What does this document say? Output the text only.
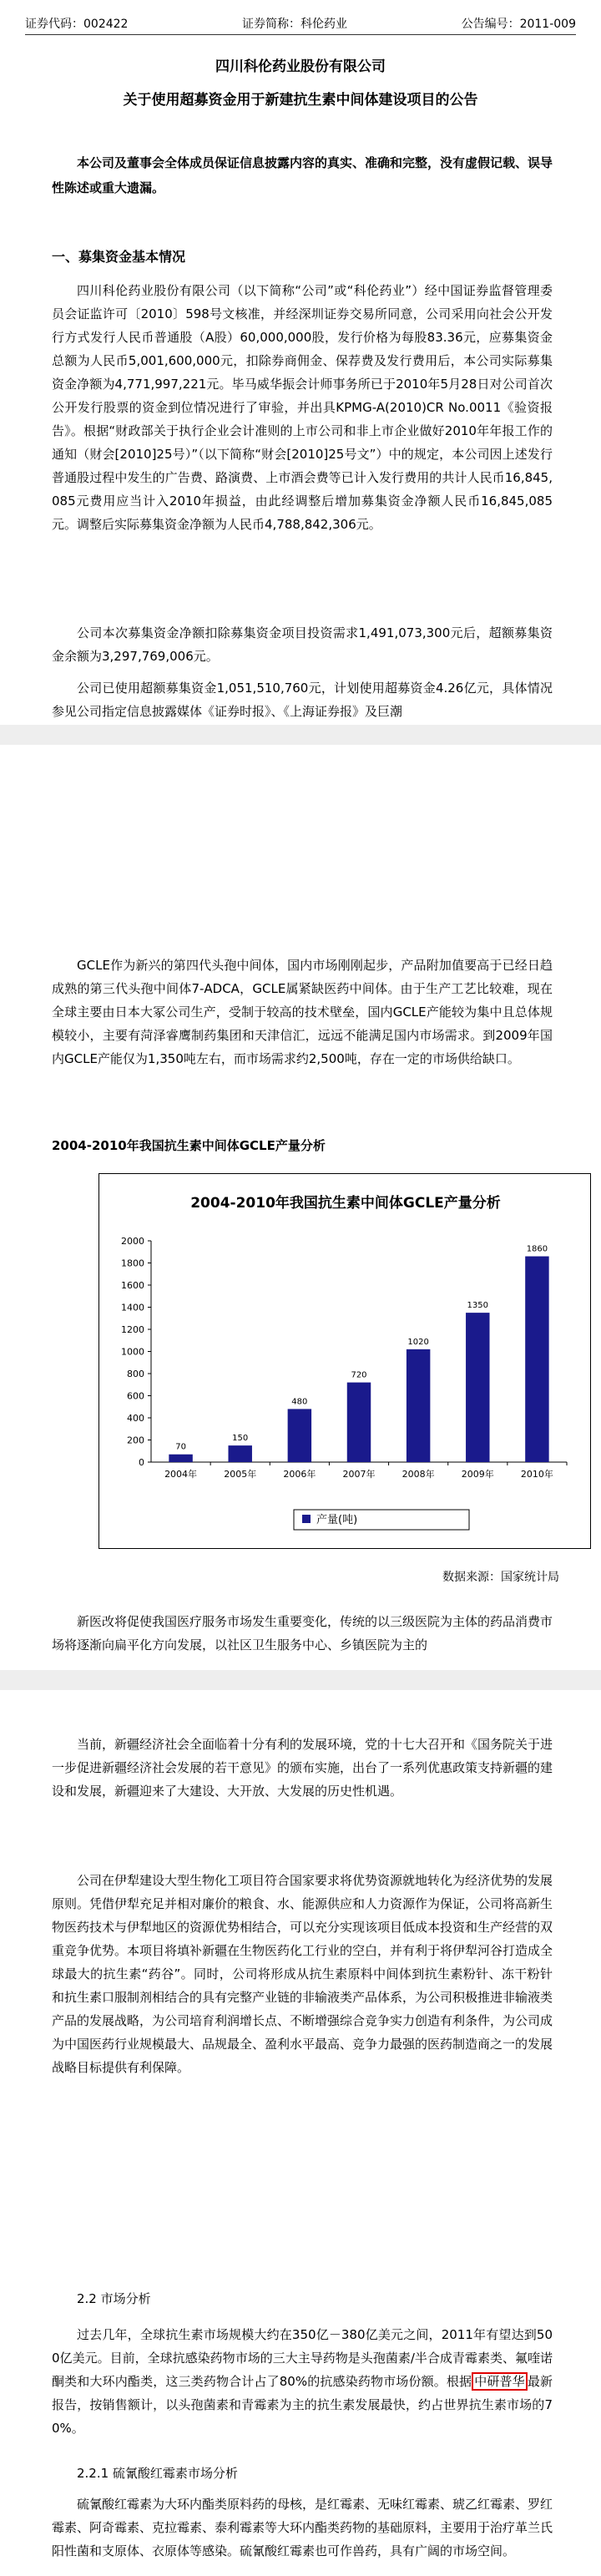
证券代码：002422	证券简称：科伦药业	公告编号：2011-009
四川科伦药业股份有限公司
关于使用超募资金用于新建抗生素中间体建设项目的公告
本公司及董事会全体成员保证信息披露内容的真实、准确和完整，没有虚假记载、误导性陈述或重大遗漏。
一、募集资金基本情况
四川科伦药业股份有限公司（以下简称“公司”或“科伦药业”）经中国证券监督管理委员会证监许可〔2010〕598号文核准，并经深圳证券交易所同意，公司采用向社会公开发行方式发行人民币普通股（A股）60,000,000股，发行价格为每股83.36元，应募集资金总额为人民币5,001,600,000元，扣除券商佣金、保荐费及发行费用后，本公司实际募集资金净额为4,771,997,221元。毕马威华振会计师事务所已于2010年5月28日对公司首次公开发行股票的资金到位情况进行了审验，并出具KPMG-A(2010)CR No.0011《验资报告》。根据“财政部关于执行企业会计准则的上市公司和非上市企业做好2010年年报工作的通知（财会[2010]25号）”（以下简称“财会[2010]25号文”）中的规定，本公司因上述发行普通股过程中发生的广告费、路演费、上市酒会费等已计入发行费用的共计人民币16,845,085元费用应当计入2010年损益，由此经调整后增加募集资金净额人民币16,845,085元。调整后实际募集资金净额为人民币4,788,842,306元。
公司本次募集资金净额扣除募集资金项目投资需求1,491,073,300元后，超额募集资金余额为3,297,769,006元。
公司已使用超额募集资金1,051,510,760元，计划使用超募资金4.26亿元，具体情况参见公司指定信息披露媒体《证券时报》、《上海证券报》及巨潮
GCLE作为新兴的第四代头孢中间体，国内市场刚刚起步，产品附加值要高于已经日趋成熟的第三代头孢中间体7-ADCA，GCLE属紧缺医药中间体。由于生产工艺比较难，现在全球主要由日本大冢公司生产，受制于较高的技术壁垒，国内GCLE产能较为集中且总体规模较小，主要有菏泽睿鹰制药集团和天津信汇，远远不能满足国内市场需求。到2009年国内GCLE产能仅为1,350吨左右，而市场需求约2,500吨，存在一定的市场供给缺口。
2004-2010年我国抗生素中间体GCLE产量分析
2004-2010年我国抗生素中间体GCLE产量分析
0
200
400
600
800
1000
1200
1400
1600
1800
2000
70
2004年
150
2005年
480
2006年
720
2007年
1020
2008年
1350
2009年
1860
2010年
产量(吨)
数据来源：国家统计局
新医改将促使我国医疗服务市场发生重要变化，传统的以三级医院为主体的药品消费市场将逐渐向扁平化方向发展，以社区卫生服务中心、乡镇医院为主的
当前，新疆经济社会全面临着十分有利的发展环境，党的十七大召开和《国务院关于进一步促进新疆经济社会发展的若干意见》的颁布实施，出台了一系列优惠政策支持新疆的建设和发展，新疆迎来了大建设、大开放、大发展的历史性机遇。
公司在伊犁建设大型生物化工项目符合国家要求将优势资源就地转化为经济优势的发展原则。凭借伊犁充足并相对廉价的粮食、水、能源供应和人力资源作为保证，公司将高新生物医药技术与伊犁地区的资源优势相结合，可以充分实现该项目低成本投资和生产经营的双重竞争优势。本项目将填补新疆在生物医药化工行业的空白，并有利于将伊犁河谷打造成全球最大的抗生素“药谷”。同时，公司将形成从抗生素原料中间体到抗生素粉针、冻干粉针和抗生素口服制剂相结合的具有完整产业链的非输液类产品体系，为公司积极推进非输液类产品的发展战略，为公司培育利润增长点、不断增强综合竞争实力创造有利条件，为公司成为中国医药行业规模最大、品规最全、盈利水平最高、竞争力最强的医药制造商之一的发展战略目标提供有利保障。
2.2 市场分析
过去几年，全球抗生素市场规模大约在350亿－380亿美元之间，2011年有望达到500亿美元。目前，全球抗感染药物市场的三大主导药物是头孢菌素/半合成青霉素类、氟喹诺酮类和大环内酯类，这三类药物合计占了80%的抗感染药物市场份额。根据 中研普华 最新报告，按销售额计，以头孢菌素和青霉素为主的抗生素发展最快，约占世界抗生素市场的70%。
2.2.1 硫氰酸红霉素市场分析
硫氰酸红霉素为大环内酯类原料药的母核，是红霉素、无味红霉素、琥乙红霉素、罗红霉素、阿奇霉素、克拉霉素、泰利霉素等大环内酯类药物的基础原料，主要用于治疗革兰氏阳性菌和支原体、衣原体等感染。硫氰酸红霉素也可作兽药，具有广阔的市场空间。
